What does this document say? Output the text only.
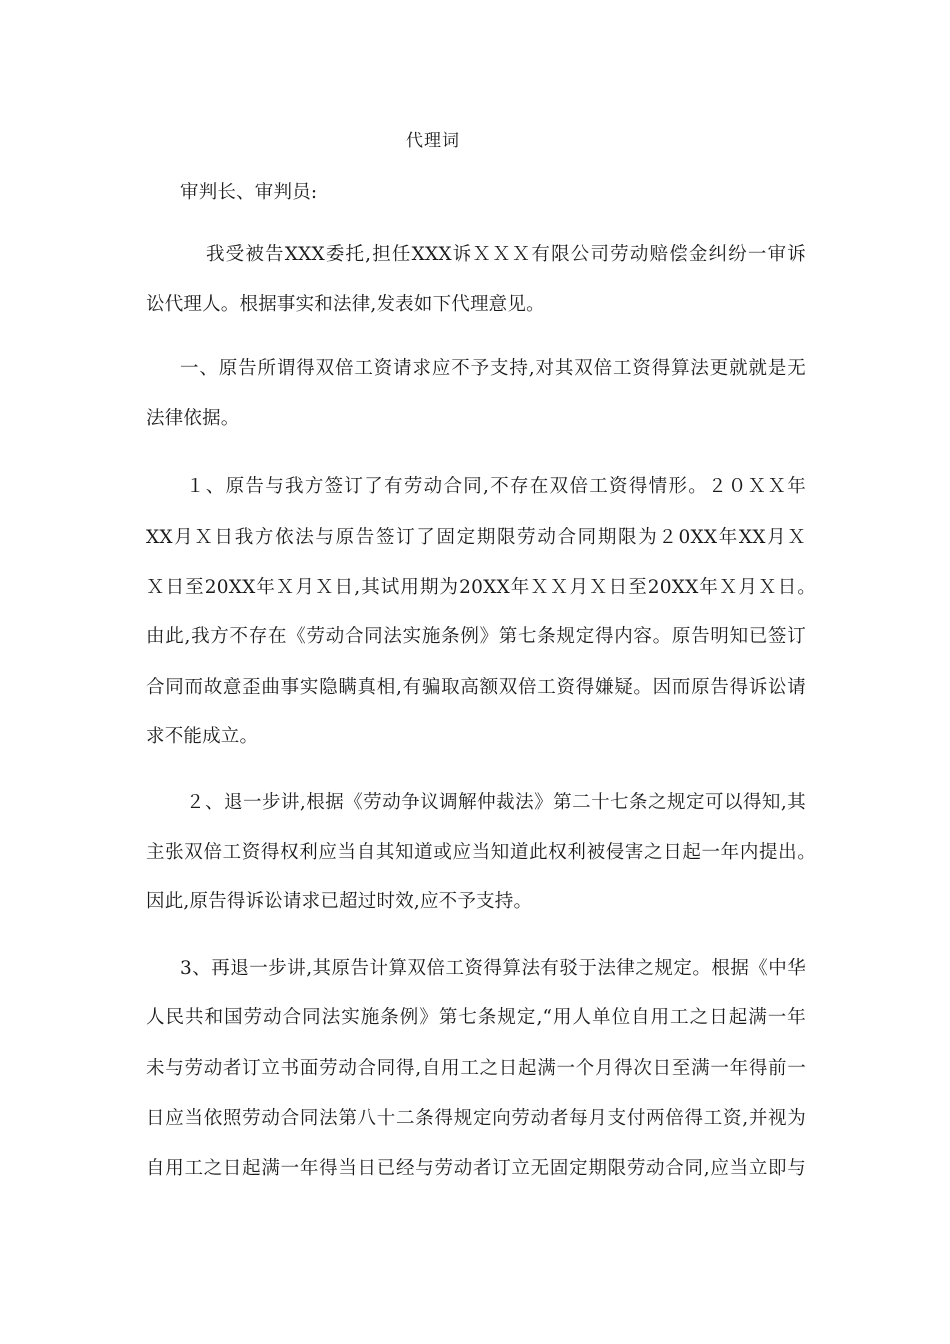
代理词
审判长、审判员:
我受被告XXX委托,担任XXX诉ＸＸＸ有限公司劳动赔偿金纠纷一审诉
讼代理人。根据事实和法律,发表如下代理意见。
一、原告所谓得双倍工资请求应不予支持,对其双倍工资得算法更就就是无
法律依据。
１、原告与我方签订了有劳动合同,不存在双倍工资得情形。２０ＸＸ年
XX月Ｘ日我方依法与原告签订了固定期限劳动合同期限为２0XX年XX月Ｘ
Ｘ日至20XX年Ｘ月Ｘ日,其试用期为20XX年ＸＸ月Ｘ日至20XX年Ｘ月Ｘ日。
由此,我方不存在《劳动合同法实施条例》第七条规定得内容。原告明知已签订
合同而故意歪曲事实隐瞒真相,有骗取高额双倍工资得嫌疑。因而原告得诉讼请
求不能成立。
２、退一步讲,根据《劳动争议调解仲裁法》第二十七条之规定可以得知,其
主张双倍工资得权利应当自其知道或应当知道此权利被侵害之日起一年内提出。
因此,原告得诉讼请求已超过时效,应不予支持。
3、再退一步讲,其原告计算双倍工资得算法有驳于法律之规定。根据《中华
人民共和国劳动合同法实施条例》第七条规定,“用人单位自用工之日起满一年
未与劳动者订立书面劳动合同得,自用工之日起满一个月得次日至满一年得前一
日应当依照劳动合同法第八十二条得规定向劳动者每月支付两倍得工资,并视为
自用工之日起满一年得当日已经与劳动者订立无固定期限劳动合同,应当立即与
